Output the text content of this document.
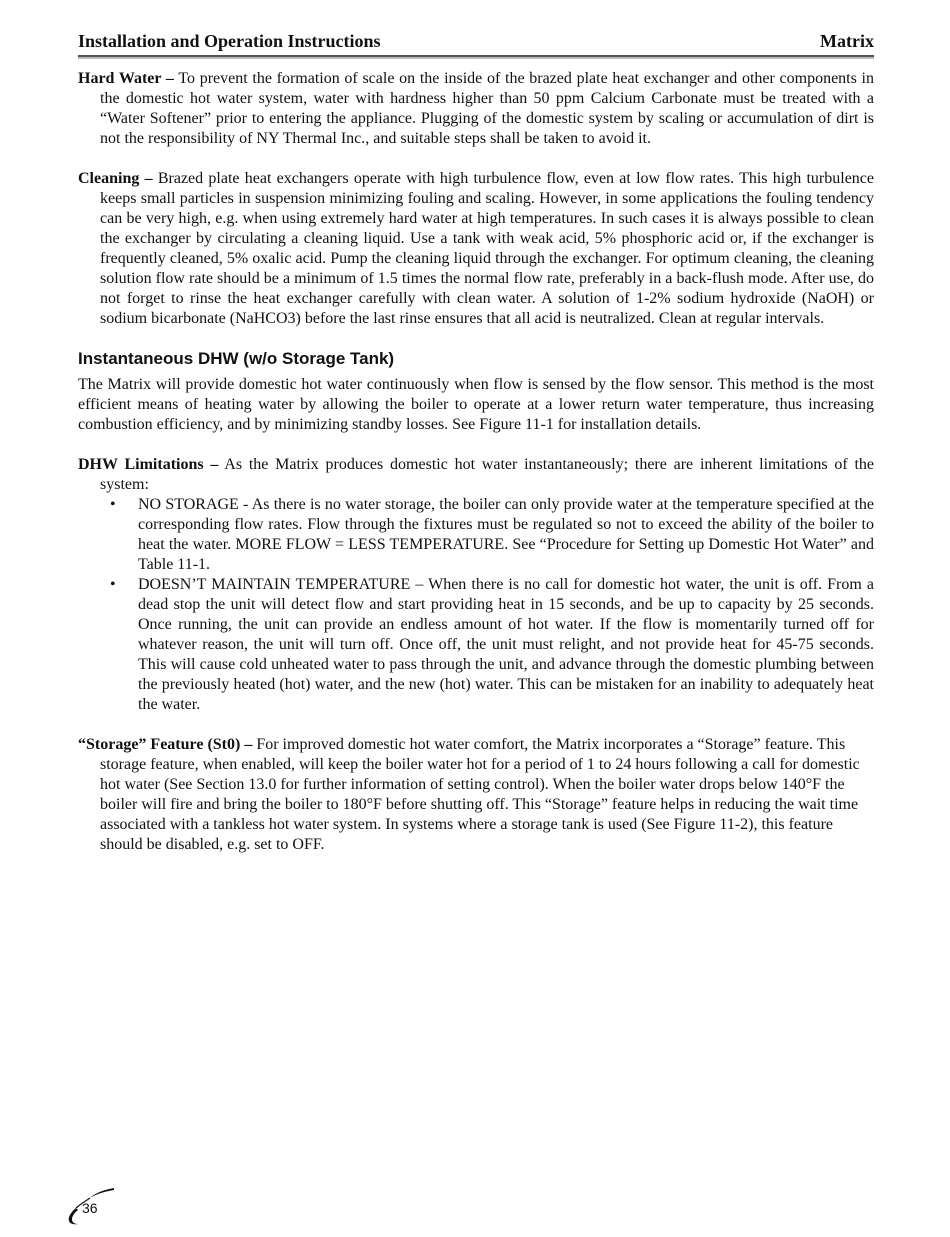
Installation and Operation Instructions	Matrix

Hard Water – To prevent the formation of scale on the inside of the brazed plate heat exchanger and other components in the domestic hot water system, water with hardness higher than 50 ppm Calcium Carbonate must be treated with a “Water Softener” prior to entering the appliance. Plugging of the domestic system by scaling or accumulation of dirt is not the responsibility of NY Thermal Inc., and suitable steps shall be taken to avoid it.

Cleaning – Brazed plate heat exchangers operate with high turbulence flow, even at low flow rates. This high turbulence keeps small particles in suspension minimizing fouling and scaling. However, in some applications the fouling tendency can be very high, e.g. when using extremely hard water at high temperatures. In such cases it is always possible to clean the exchanger by circulating a cleaning liquid. Use a tank with weak acid, 5% phosphoric acid or, if the exchanger is frequently cleaned, 5% oxalic acid. Pump the cleaning liquid through the exchanger. For optimum cleaning, the cleaning solution flow rate should be a minimum of 1.5 times the normal flow rate, preferably in a back-flush mode. After use, do not forget to rinse the heat exchanger carefully with clean water. A solution of 1-2% sodium hydroxide (NaOH) or sodium bicarbonate (NaHCO3) before the last rinse ensures that all acid is neutralized. Clean at regular intervals.

Instantaneous DHW (w/o Storage Tank)

The Matrix will provide domestic hot water continuously when flow is sensed by the flow sensor. This method is the most efficient means of heating water by allowing the boiler to operate at a lower return water temperature, thus increasing combustion efficiency, and by minimizing standby losses. See Figure 11-1 for installation details.

DHW Limitations – As the Matrix produces domestic hot water instantaneously; there are inherent limitations of the system:

• NO STORAGE - As there is no water storage, the boiler can only provide water at the temperature specified at the corresponding flow rates. Flow through the fixtures must be regulated so not to exceed the ability of the boiler to heat the water. MORE FLOW = LESS TEMPERATURE. See “Procedure for Setting up Domestic Hot Water” and Table 11-1.
• DOESN’T MAINTAIN TEMPERATURE – When there is no call for domestic hot water, the unit is off. From a dead stop the unit will detect flow and start providing heat in 15 seconds, and be up to capacity by 25 seconds. Once running, the unit can provide an endless amount of hot water. If the flow is momentarily turned off for whatever reason, the unit will turn off. Once off, the unit must relight, and not provide heat for 45-75 seconds. This will cause cold unheated water to pass through the unit, and advance through the domestic plumbing between the previously heated (hot) water, and the new (hot) water. This can be mistaken for an inability to adequately heat the water.

“Storage” Feature (St0) – For improved domestic hot water comfort, the Matrix incorporates a “Storage” feature. This storage feature, when enabled, will keep the boiler water hot for a period of 1 to 24 hours following a call for domestic hot water (See Section 13.0 for further information of setting control). When the boiler water drops below 140°F the boiler will fire and bring the boiler to 180°F before shutting off. This “Storage” feature helps in reducing the wait time associated with a tankless hot water system. In systems where a storage tank is used (See Figure 11-2), this feature should be disabled, e.g. set to OFF.

36
